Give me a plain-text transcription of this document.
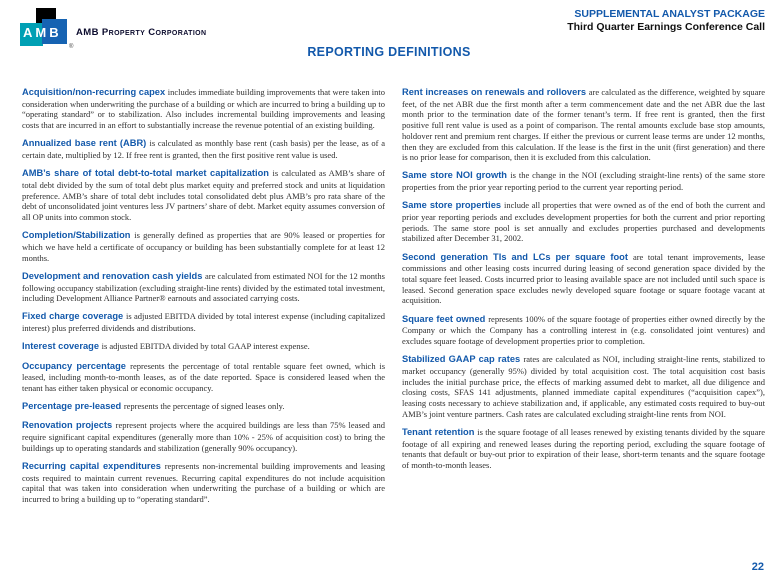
AMB
®
AMB Property Corporation
SUPPLEMENTAL ANALYST PACKAGE
Third Quarter Earnings Conference Call
REPORTING DEFINITIONS

Acquisition/non-recurring capex includes immediate building improvements that were taken into consideration when underwriting the purchase of a building or which are incurred to bring a building up to “operating standard” or to stabilization. Also includes incremental building improvements and leasing costs that are incurred in an effort to substantially increase the revenue potential of an existing building.

Annualized base rent (ABR) is calculated as monthly base rent (cash basis) per the lease, as of a certain date, multiplied by 12. If free rent is granted, then the first positive rent value is used.

AMB’s share of total debt-to-total market capitalization is calculated as AMB’s share of total debt divided by the sum of total debt plus market equity and preferred stock and units at liquidation preference. AMB’s share of total debt includes total consolidated debt plus AMB’s pro rata share of the debt of unconsolidated joint ventures less JV partners’ share of debt. Market equity assumes conversion of all OP units into common stock.

Completion/Stabilization is generally defined as properties that are 90% leased or properties for which we have held a certificate of occupancy or building has been substantially complete for at least 12 months.

Development and renovation cash yields are calculated from estimated NOI for the 12 months following occupancy stabilization (excluding straight-line rents) divided by the estimated total investment, including Development Alliance Partner® earnouts and associated carrying costs.

Fixed charge coverage is adjusted EBITDA divided by total interest expense (including capitalized interest) plus preferred dividends and distributions.

Interest coverage is adjusted EBITDA divided by total GAAP interest expense.

Occupancy percentage represents the percentage of total rentable square feet owned, which is leased, including month-to-month leases, as of the date reported. Space is considered leased when the tenant has either taken physical or economic occupancy.

Percentage pre-leased represents the percentage of signed leases only.

Renovation projects represent projects where the acquired buildings are less than 75% leased and require significant capital expenditures (generally more than 10% - 25% of acquisition cost) to bring the buildings up to operating standards and stabilization (generally 90% occupancy).

Recurring capital expenditures represents non-incremental building improvements and leasing costs required to maintain current revenues. Recurring capital expenditures do not include acquisition capital that was taken into consideration when underwriting the purchase of a building or which are incurred to bring a building up to “operating standard”.

Rent increases on renewals and rollovers are calculated as the difference, weighted by square feet, of the net ABR due the first month after a term commencement date and the net ABR due the last month prior to the termination date of the former tenant’s term. If free rent is granted, then the first positive full rent value is used as a point of comparison. The rental amounts exclude base stop amounts, holdover rent and premium rent charges. If either the previous or current lease terms are under 12 months, then they are excluded from this calculation. If the lease is the first in the unit (first generation) and there is no prior lease for comparison, then it is excluded from this calculation.

Same store NOI growth is the change in the NOI (excluding straight-line rents) of the same store properties from the prior year reporting period to the current year reporting period.

Same store properties include all properties that were owned as of the end of both the current and prior year reporting periods and excludes development properties for both the current and prior reporting periods. The same store pool is set annually and excludes properties purchased and developments stabilized after December 31, 2002.

Second generation TIs and LCs per square foot are total tenant improvements, lease commissions and other leasing costs incurred during leasing of second generation space divided by the total square feet leased. Costs incurred prior to leasing available space are not included until such space is leased. Second generation space excludes newly developed square footage or square footage vacant at acquisition.

Square feet owned represents 100% of the square footage of properties either owned directly by the Company or which the Company has a controlling interest in (e.g. consolidated joint ventures) and excludes square footage of development properties prior to completion.

Stabilized GAAP cap rates rates are calculated as NOI, including straight-line rents, stabilized to market occupancy (generally 95%) divided by total acquisition cost. The total acquisition cost basis includes the initial purchase price, the effects of marking assumed debt to market, all due diligence and closing costs, SFAS 141 adjustments, planned immediate capital expenditures (“acquisition capex”), leasing costs necessary to achieve stabilization and, if applicable, any estimated costs required to buy-out AMB’s joint venture partners. Cash rates are calculated excluding straight-line rents from NOI.

Tenant retention is the square footage of all leases renewed by existing tenants divided by the square footage of all expiring and renewed leases during the reporting period, excluding the square footage of tenants that default or buy-out prior to expiration of their lease, short-term tenants and the square footage of month-to-month leases.

22
